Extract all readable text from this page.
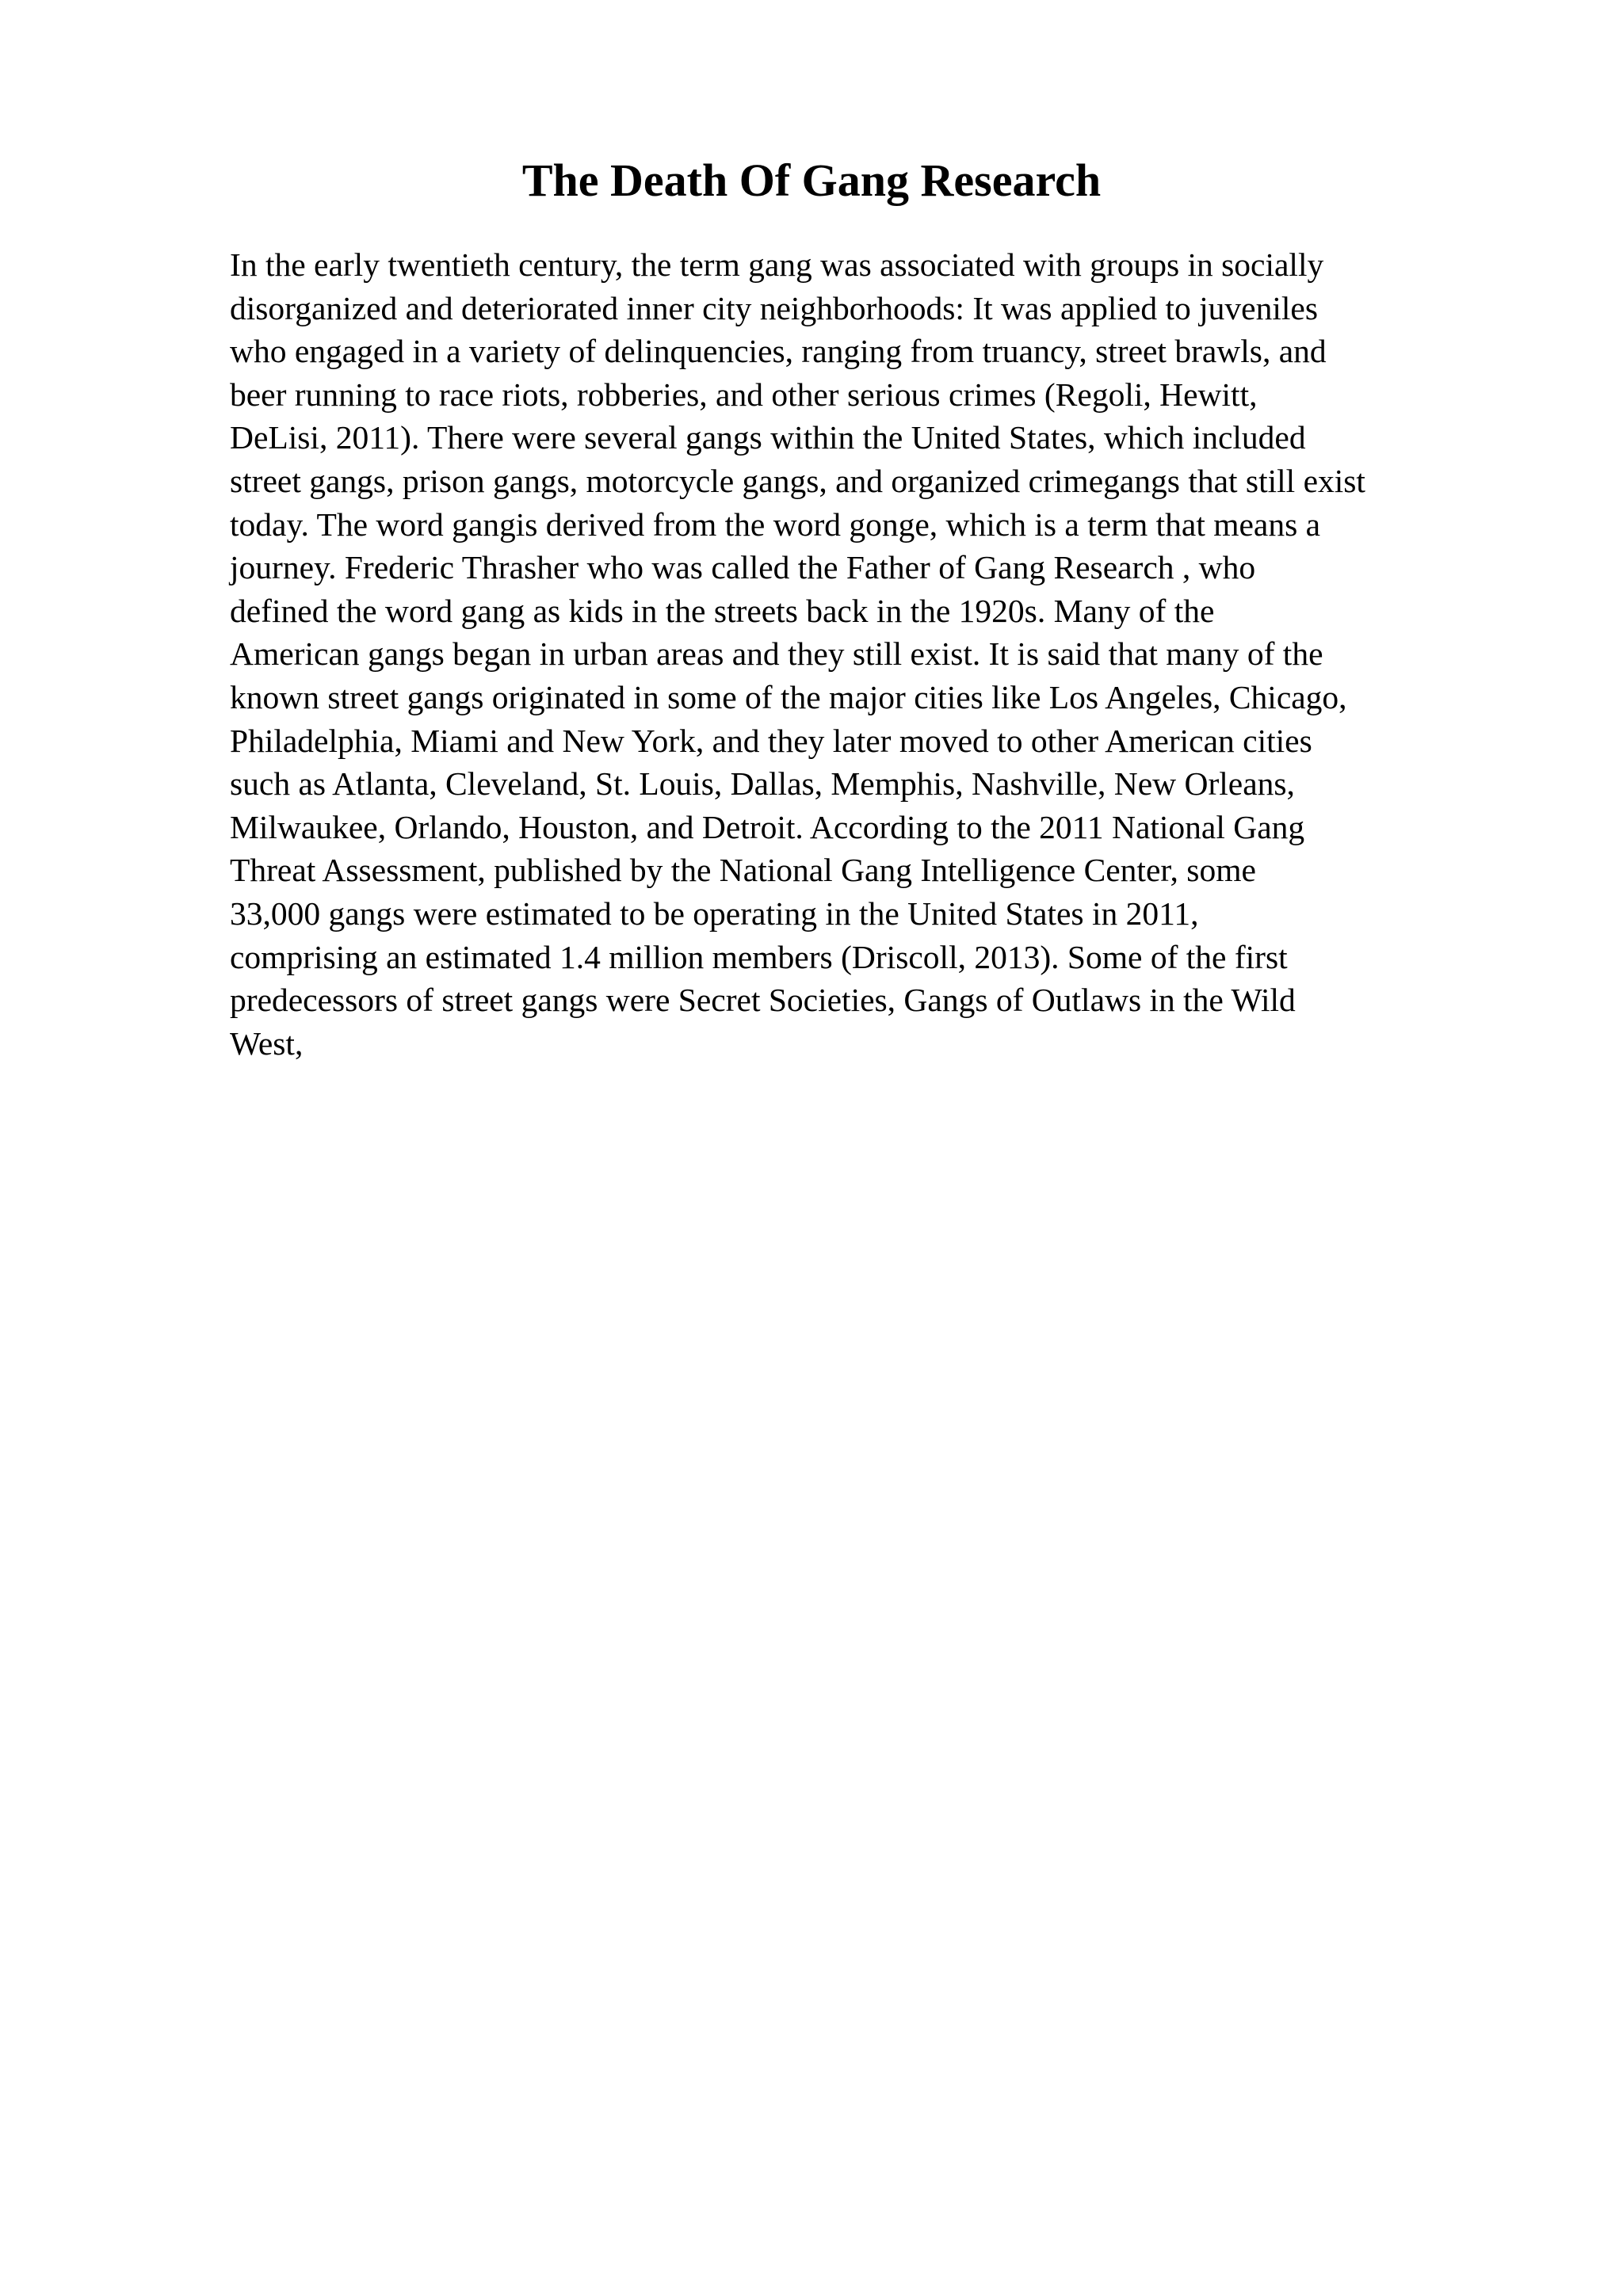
The Death Of Gang Research
In the early twentieth century, the term gang was associated with groups in socially
disorganized and deteriorated inner city neighborhoods: It was applied to juveniles
who engaged in a variety of delinquencies, ranging from truancy, street brawls, and
beer running to race riots, robberies, and other serious crimes (Regoli, Hewitt,
DeLisi, 2011). There were several gangs within the United States, which included
street gangs, prison gangs, motorcycle gangs, and organized crimegangs that still exist
today. The word gangis derived from the word gonge, which is a term that means a
journey. Frederic Thrasher who was called the Father of Gang Research , who
defined the word gang as kids in the streets back in the 1920s. Many of the
American gangs began in urban areas and they still exist. It is said that many of the
known street gangs originated in some of the major cities like Los Angeles, Chicago,
Philadelphia, Miami and New York, and they later moved to other American cities
such as Atlanta, Cleveland, St. Louis, Dallas, Memphis, Nashville, New Orleans,
Milwaukee, Orlando, Houston, and Detroit. According to the 2011 National Gang
Threat Assessment, published by the National Gang Intelligence Center, some
33,000 gangs were estimated to be operating in the United States in 2011,
comprising an estimated 1.4 million members (Driscoll, 2013). Some of the first
predecessors of street gangs were Secret Societies, Gangs of Outlaws in the Wild
West,
